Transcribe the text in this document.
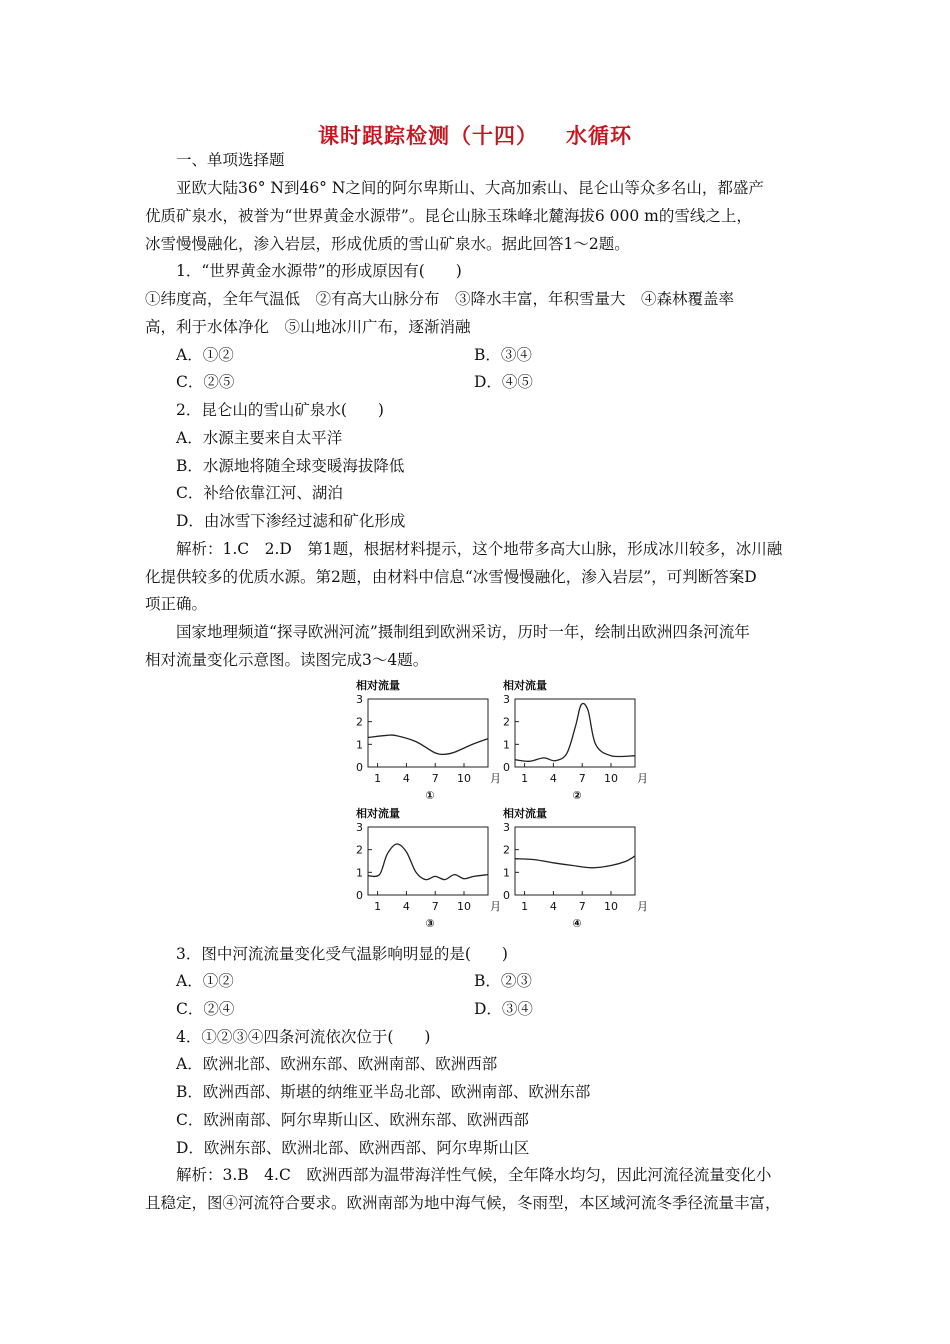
课时跟踪检测（十四） 水循环
一、单项选择题
亚欧大陆36° N到46° N之间的阿尔卑斯山、大高加索山、昆仑山等众多名山，都盛产
优质矿泉水，被誉为“世界黄金水源带”。昆仑山脉玉珠峰北麓海拔6 000 m的雪线之上，
冰雪慢慢融化，渗入岩层，形成优质的雪山矿泉水。据此回答1～2题。
1．“世界黄金水源带”的形成原因有(　　)
①纬度高，全年气温低　②有高大山脉分布　③降水丰富，年积雪量大　④森林覆盖率
高，利于水体净化　⑤山地冰川广布，逐渐消融
A．①②	B．③④
C．②⑤	D．④⑤
2．昆仑山的雪山矿泉水(　　)
A．水源主要来自太平洋
B．水源地将随全球变暖海拔降低
C．补给依靠江河、湖泊
D．由冰雪下渗经过滤和矿化形成
解析：1.C　2.D　第1题，根据材料提示，这个地带多高大山脉，形成冰川较多，冰川融
化提供较多的优质水源。第2题，由材料中信息“冰雪慢慢融化，渗入岩层”，可判断答案D
项正确。
国家地理频道“探寻欧洲河流”摄制组到欧洲采访，历时一年，绘制出欧洲四条河流年
相对流量变化示意图。读图完成3～4题。
相对流量
0
1
2
3
1 4 7 10 月
①
相对流量
0
1
2
3
1 4 7 10 月
②
相对流量
0
1
2
3
1 4 7 10 月
③
相对流量
0
1
2
3
1 4 7 10 月
④
3．图中河流流量变化受气温影响明显的是(　　)
A．①②	B．②③
C．②④	D．③④
4．①②③④四条河流依次位于(　　)
A．欧洲北部、欧洲东部、欧洲南部、欧洲西部
B．欧洲西部、斯堪的纳维亚半岛北部、欧洲南部、欧洲东部
C．欧洲南部、阿尔卑斯山区、欧洲东部、欧洲西部
D．欧洲东部、欧洲北部、欧洲西部、阿尔卑斯山区
解析：3.B　4.C　欧洲西部为温带海洋性气候，全年降水均匀，因此河流径流量变化小
且稳定，图④河流符合要求。欧洲南部为地中海气候，冬雨型，本区域河流冬季径流量丰富，
